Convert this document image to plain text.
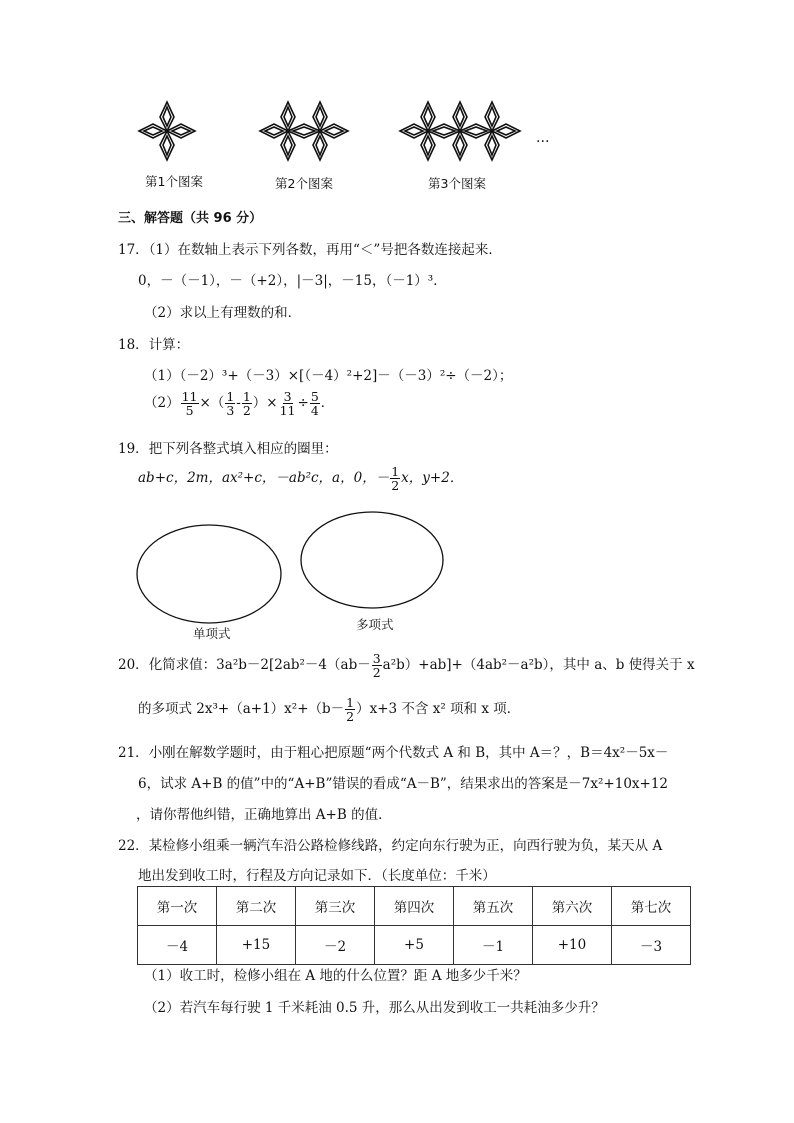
…
第1个图案	第2个图案	第3个图案
三、解答题（共 96 分）
17．（1）在数轴上表示下列各数，再用“＜”号把各数连接起来．
0，－（－1），－（+2），|－3|，－15，（－1）³．
（2）求以上有理数的和．
18．计算：
（1）（－2）³+（－3）×[（－4）²+2]－（－3）²÷（－2）；
$(2) \frac{11}{5}$ ×（ $\frac{1}{3} - \frac{1}{2}$ ）× $\frac{3}{11} \div \frac{5}{4}$ ．
19．把下列各整式填入相应的圈里：
ab+c，2m，ax²+c，－ab²c，a，0，－ $\frac{1}{2}$ x，y+2．
单项式
多项式
20．化简求值：$3a^2b-2[2ab^2-4(ab- \frac{3}{2} a^2b)+ab]+(4ab^2-a^2b)$，其中 a、b 使得关于 x
的多项式 $2x^3+(a+1)x^2+(b- \frac{1}{2} )x+3$ 不含 x² 项和 x 项．
21．小刚在解数学题时，由于粗心把原题“两个代数式 A 和 B，其中 A＝？，B＝4x²－5x－
6，试求 A+B 的值”中的“A+B”错误的看成“A－B”，结果求出的答案是－7x²+10x+12
，请你帮他纠错，正确地算出 A+B 的值．
22．某检修小组乘一辆汽车沿公路检修线路，约定向东行驶为正，向西行驶为负，某天从 A
地出发到收工时，行程及方向记录如下．（长度单位：千米）
第一次	第二次	第三次	第四次	第五次	第六次	第七次
－4	+15	－2	+5	－1	+10	－3
（1）收工时，检修小组在 A 地的什么位置？距 A 地多少千米？
（2）若汽车每行驶 1 千米耗油 0.5 升，那么从出发到收工一共耗油多少升？
